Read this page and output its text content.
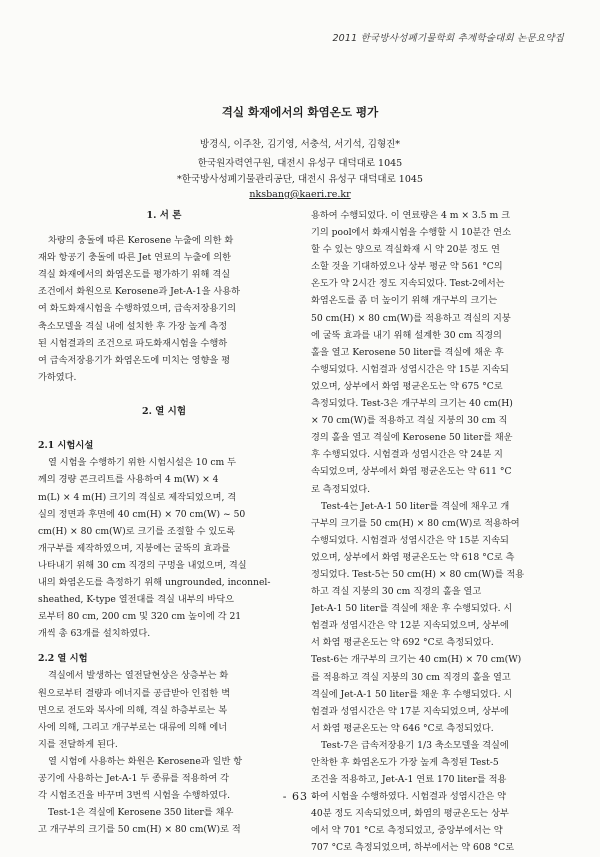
2011 한국방사성폐기물학회 추계학술대회 논문요약집
격실 화재에서의 화염온도 평가
방경식, 이주찬, 김기영, 서충석, 서기석, 김형진*
한국원자력연구원, 대전시 유성구 대덕대로 1045
*한국방사성폐기물관리공단, 대전시 유성구 대덕대로 1045
nksbang@kaeri.re.kr
1. 서 론
차량의 충돌에 따른 Kerosene 누출에 의한 화
재와 항공기 충돌에 따른 Jet 연료의 누출에 의한
격실 화재에서의 화염온도를 평가하기 위해 격실
조건에서 화원으로 Kerosene과 Jet-A-1을 사용하
여 화도화재시험을 수행하였으며, 급속저장용기의
축소모델을 격실 내에 설치한 후 가장 높게 측정
된 시험결과의 조건으로 파도화재시험을 수행하
여 급속저장용기가 화염온도에 미치는 영향을 평
가하였다.
2. 열 시험
2.1 시험시설
열 시험을 수행하기 위한 시험시설은 10 cm 두
께의 경량 콘크리트를 사용하여 4 m(W) × 4
m(L) × 4 m(H) 크기의 격실로 제작되었으며, 격
실의 정면과 후면에 40 cm(H) × 70 cm(W) ~ 50
cm(H) × 80 cm(W)로 크기를 조절할 수 있도록
개구부를 제작하였으며, 지붕에는 굴뚝의 효과를
나타내기 위해 30 cm 직경의 구멍을 내었으며, 격실
내의 화염온도를 측정하기 위해 ungrounded, inconnel-
sheathed, K-type 열전대를 격실 내부의 바닥으
로부터 80 cm, 200 cm 및 320 cm 높이에 각 21
개씩 총 63개를 설치하였다.
2.2 열 시험
격실에서 발생하는 열전달현상은 상층부는 화
원으로부터 결량과 에너지를 공급받아 인접한 벽
면으로 전도와 복사에 의해, 격실 하층부로는 복
사에 의해, 그리고 개구부로는 대류에 의해 에너
지를 전달하게 된다.
열 시험에 사용하는 화원은 Kerosene과 일반 항
공기에 사용하는 Jet-A-1 두 종류를 적용하여 각
각 시험조건을 바꾸며 3번씩 시험을 수행하였다.
Test-1은 격실에 Kerosene 350 liter를 채우
고 개구부의 크기를 50 cm(H) × 80 cm(W)로 적
용하여 수행되었다. 이 연료량은 4 m × 3.5 m 크
기의 pool에서 화재시험을 수행할 시 10분간 연소
할 수 있는 양으로 격실화재 시 약 20분 정도 연
소할 것을 기대하였으나 상부 평균 약 561 °C의
온도가 약 2시간 정도 지속되었다. Test-2에서는
화염온도를 좀 더 높이기 위해 개구부의 크기는
50 cm(H) × 80 cm(W)를 적용하고 격실의 지붕
에 굴뚝 효과를 내기 위해 설계한 30 cm 직경의
홀을 열고 Kerosene 50 liter를 격실에 채운 후
수행되었다. 시험결과 성염시간은 약 15분 지속되
었으며, 상부에서 화염 평균온도는 약 675 °C로
측정되었다. Test-3은 개구부의 크기는 40 cm(H)
× 70 cm(W)를 적용하고 격실 지붕의 30 cm 직
경의 홀을 열고 격실에 Kerosene 50 liter를 채운
후 수행되었다. 시험결과 성염시간은 약 24분 지
속되었으며, 상부에서 화염 평균온도는 약 611 °C
로 측정되었다.
Test-4는 Jet-A-1 50 liter를 격실에 채우고 개
구부의 크기를 50 cm(H) × 80 cm(W)로 적용하여
수행되었다. 시험결과 성염시간은 약 15분 지속되
었으며, 상부에서 화염 평균온도는 약 618 °C로 측
정되었다. Test-5는 50 cm(H) × 80 cm(W)를 적용
하고 격실 지붕의 30 cm 직경의 홀을 열고
Jet-A-1 50 liter를 격실에 채운 후 수행되었다. 시
험결과 성염시간은 약 12분 지속되었으며, 상부에
서 화염 평균온도는 약 692 °C로 측정되었다.
Test-6는 개구부의 크기는 40 cm(H) × 70 cm(W)
를 적용하고 격실 지붕의 30 cm 직경의 홀을 열고
격실에 Jet-A-1 50 liter를 채운 후 수행되었다. 시
험결과 성염시간은 약 17분 지속되었으며, 상부에
서 화염 평균온도는 약 646 °C로 측정되었다.
Test-7은 급속저장용기 1/3 축소모델을 격실에
안착한 후 화염온도가 가장 높게 측정된 Test-5
조건을 적용하고, Jet-A-1 연료 170 liter를 적용
하여 시험을 수행하였다. 시험결과 성염시간은 약
40분 정도 지속되었으며, 화염의 평균온도는 상부
에서 약 701 °C로 측정되었고, 중앙부에서는 약
707 °C로 측정되었으며, 하부에서는 약 608 °C로
- 63 -
